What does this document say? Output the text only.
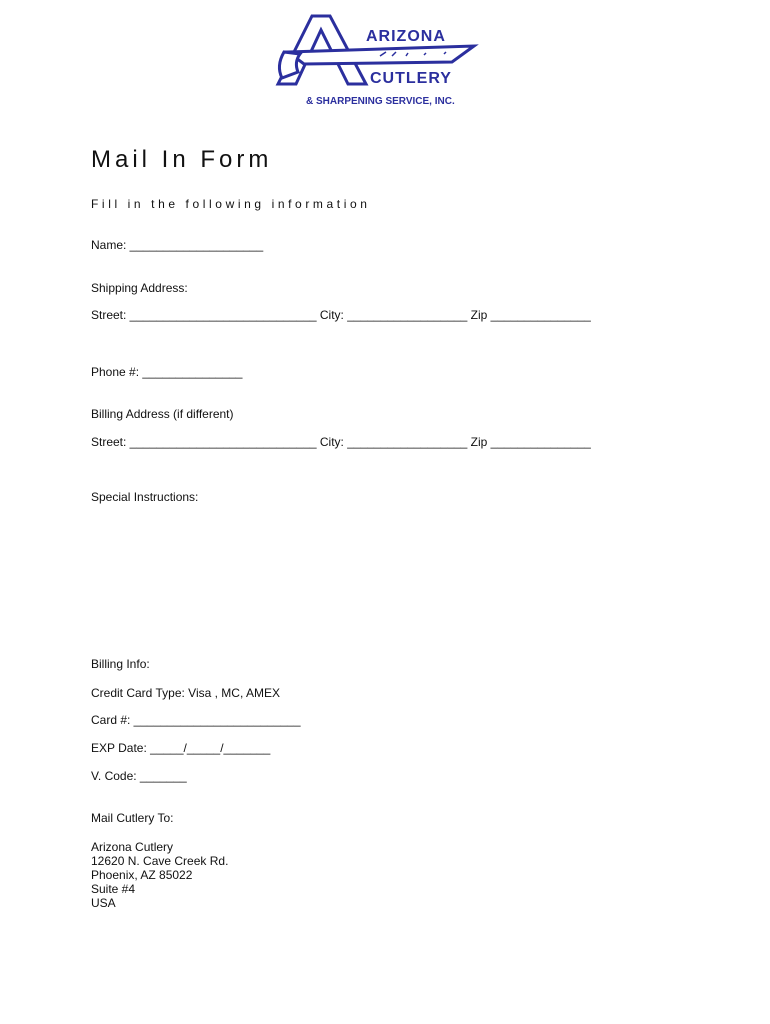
ARIZONA
CUTLERY
& SHARPENING SERVICE, INC.
Mail In Form
Fill in the following information
Name: ____________________
Shipping Address:
Street: ____________________________ City: __________________ Zip _______________
Phone #: _______________
Billing Address (if different)
Street: ____________________________ City: __________________ Zip _______________
Special Instructions:
Billing Info:
Credit Card Type: Visa , MC, AMEX
Card #: _________________________
EXP Date: _____/_____/_______
V. Code: _______
Mail Cutlery To:
Arizona Cutlery
12620 N. Cave Creek Rd.
Phoenix, AZ 85022
Suite #4
USA
